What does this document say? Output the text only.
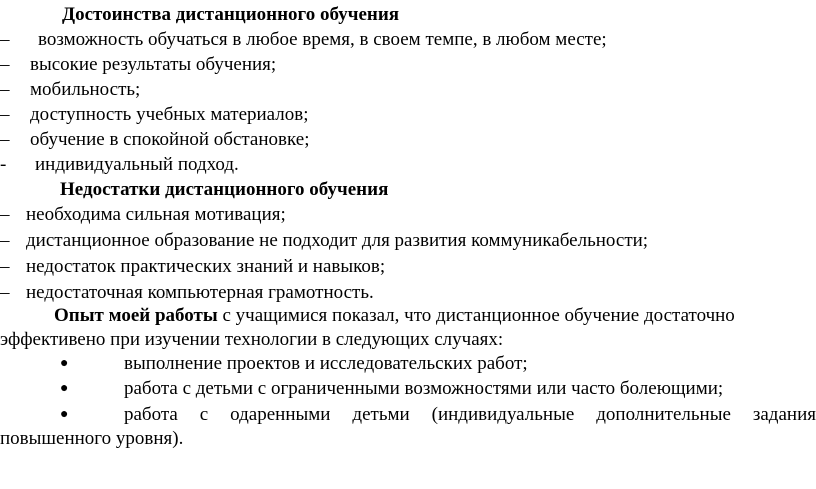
Достоинства дистанционного обучения
– возможность обучаться в любое время, в своем темпе, в любом месте;
– высокие результаты обучения;
– мобильность;
– доступность учебных материалов;
– обучение в спокойной обстановке;
- индивидуальный подход.
Недостатки дистанционного обучения
– необходима сильная мотивация;
– дистанционное образование не подходит для развития коммуникабельности;
– недостаток практических знаний и навыков;
– недостаточная компьютерная грамотность.
Опыт моей работы с учащимися показал, что дистанционное обучение достаточно
эффективено при изучении технологии в следующих случаях:
●	выполнение проектов и исследовательских работ;
●	работа с детьми с ограниченными возможностями или часто болеющими;
●	работа с одаренными детьми (индивидуальные дополнительные задания
повышенного уровня).
